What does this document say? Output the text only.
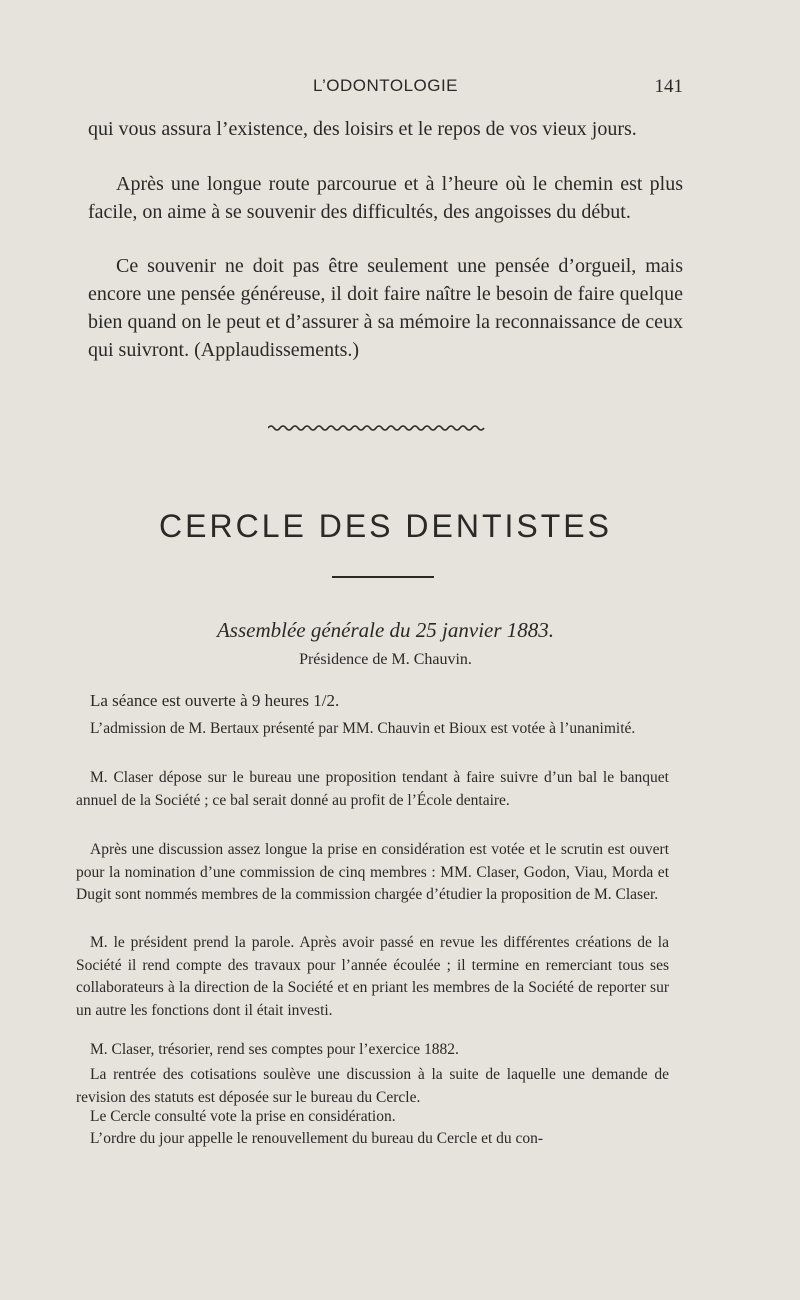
L’ODONTOLOGIE	141

qui vous assura l’existence, des loisirs et le repos de vos vieux jours.

Après une longue route parcourue et à l’heure où le chemin est plus facile, on aime à se souvenir des difficultés, des angoisses du début.

Ce souvenir ne doit pas être seulement une pensée d’orgueil, mais encore une pensée généreuse, il doit faire naître le besoin de faire quelque bien quand on le peut et d’assurer à sa mémoire la reconnaissance de ceux qui suivront. (Applaudissements.)

CERCLE DES DENTISTES
Assemblée générale du 25 janvier 1883.
Présidence de M. Chauvin.

La séance est ouverte à 9 heures 1/2.

L’admission de M. Bertaux présenté par MM. Chauvin et Bioux est votée à l’unanimité.

M. Claser dépose sur le bureau une proposition tendant à faire suivre d’un bal le banquet annuel de la Société ; ce bal serait donné au profit de l’École dentaire.

Après une discussion assez longue la prise en considération est votée et le scrutin est ouvert pour la nomination d’une commission de cinq membres : MM. Claser, Godon, Viau, Morda et Dugit sont nommés membres de la commission chargée d’étudier la proposition de M. Claser.

M. le président prend la parole. Après avoir passé en revue les différentes créations de la Société il rend compte des travaux pour l’année écoulée ; il termine en remerciant tous ses collaborateurs à la direction de la Société et en priant les membres de la Société de reporter sur un autre les fonctions dont il était investi.

M. Claser, trésorier, rend ses comptes pour l’exercice 1882.

La rentrée des cotisations soulève une discussion à la suite de laquelle une demande de revision des statuts est déposée sur le bureau du Cercle.

Le Cercle consulté vote la prise en considération.

L’ordre du jour appelle le renouvellement du bureau du Cercle et du con-
